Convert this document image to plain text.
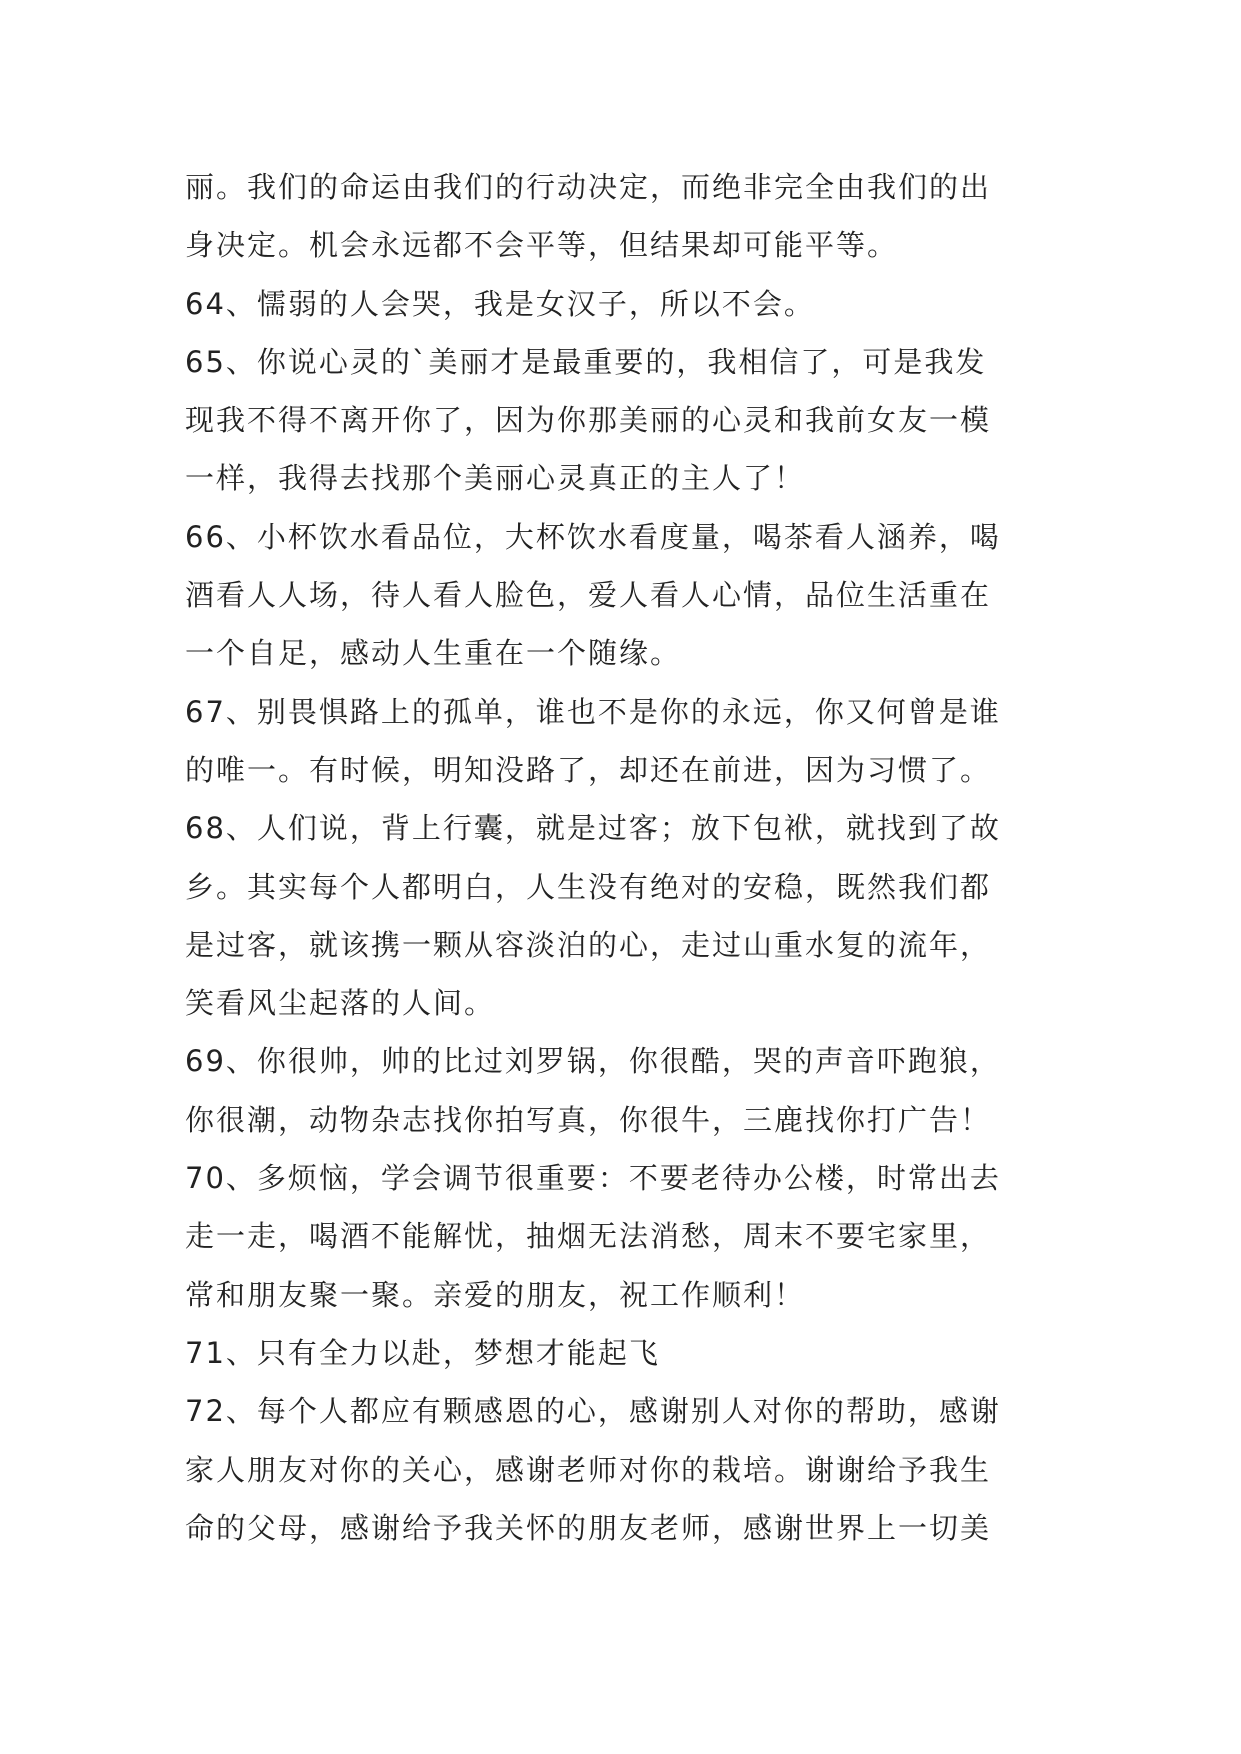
丽。我们的命运由我们的行动决定，而绝非完全由我们的出
身决定。机会永远都不会平等，但结果却可能平等。
64、懦弱的人会哭，我是女汉子，所以不会。
65、你说心灵的`美丽才是最重要的，我相信了，可是我发
现我不得不离开你了，因为你那美丽的心灵和我前女友一模
一样，我得去找那个美丽心灵真正的主人了！
66、小杯饮水看品位，大杯饮水看度量，喝茶看人涵养，喝
酒看人人场，待人看人脸色，爱人看人心情，品位生活重在
一个自足，感动人生重在一个随缘。
67、别畏惧路上的孤单，谁也不是你的永远，你又何曾是谁
的唯一。有时候，明知没路了，却还在前进，因为习惯了。
68、人们说，背上行囊，就是过客；放下包袱，就找到了故
乡。其实每个人都明白，人生没有绝对的安稳，既然我们都
是过客，就该携一颗从容淡泊的心，走过山重水复的流年，
笑看风尘起落的人间。
69、你很帅，帅的比过刘罗锅，你很酷，哭的声音吓跑狼，
你很潮，动物杂志找你拍写真，你很牛，三鹿找你打广告！
70、多烦恼，学会调节很重要：不要老待办公楼，时常出去
走一走，喝酒不能解忧，抽烟无法消愁，周末不要宅家里，
常和朋友聚一聚。亲爱的朋友，祝工作顺利！
71、只有全力以赴，梦想才能起飞
72、每个人都应有颗感恩的心，感谢别人对你的帮助，感谢
家人朋友对你的关心，感谢老师对你的栽培。谢谢给予我生
命的父母，感谢给予我关怀的朋友老师，感谢世界上一切美
